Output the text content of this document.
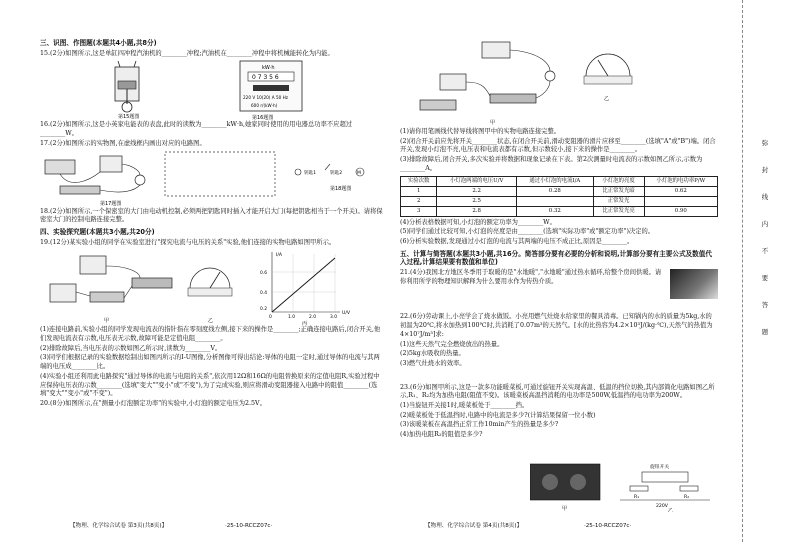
三、识图、作图题(本题共4小题,共8分)
15.(2分)如图所示,这是单缸四冲程汽油机的________冲程;汽油机在________冲程中将机械能转化为内能。
第15题图
kW·h
0 7 3 5 6
220 V 10(20) A 50 Hz
600 r/(kW·h)
第16题图
16.(2分)如图所示,这是小英家电能表的表盘,此时的读数为________kW·h,她家同时使用的用电器总功率不应超过________W。
17.(2分)如图所示的实物图,在虚线框内画出对应的电路图。
第17题图
钥匙1	钥匙2	M
第18题图
18.(2分)如图所示,一个保密室的大门由电动机控制,必须两把钥匙同时插入才能开启大门(每把钥匙相当于一个开关)。请将保密室大门的控制电路连接完整。
四、实验探究题(本题共3小题,共20分)
19.(12分)某实验小组的同学在实验室进行"探究电流与电压的关系"实验,他们连接的实物电路如图甲所示。
甲	乙
I/A
U/V
0.6
0.4
0.2
0	1.0	2.0	3.0
丙
(1)连接电路前,实验小组的同学发现电流表的指针指在零刻度线左侧,接下来的操作是________;正确连接电路后,闭合开关,他们发现电流表有示数,电压表无示数,故障可能是定值电阻________。
(2)排除故障后,当电压表的示数如图乙所示时,读数为________V。
(3)同学们根据记录的实验数据绘制出如图丙所示的I-U图像,分析图像可得出结论:导体的电阻一定时,通过导体的电流与其两端的电压成________比。
(4)实验小组还利用此电路探究"通过导体的电流与电阻的关系",依次用12Ω和16Ω的电阻替换原来的定值电阻R,实验过程中应保持电压表的示数________(选填"变大""变小"或"不变"),为了完成实验,则应将滑动变阻器接入电路中的阻值________(选填"变大""变小"或"不变")。
20.(8分)如图所示,在"测量小灯泡额定功率"的实验中,小灯泡的额定电压为2.5V。
【物理、化学综合试卷 第3页(共8页)】	·25-10-RCCZ07c·
甲
乙
(1)请你用笔画线代替导线将图甲中的实物电路连接完整。
(2)闭合开关前应先将开关________状态,在闭合开关前,滑动变阻器的滑片应移至________(选填"A"或"B")端。闭合开关,发现小灯泡不亮,电压表和电流表都有示数,但示数较小,接下来的操作是________。
(3)排除故障后,闭合开关,多次实验并将数据和现象记录在下表。第2次测量时电流表的示数如图乙所示,示数为________A。
实验次数	小灯泡两端的电压U/V	通过小灯泡的电流I/A	小灯泡的亮度	小灯泡的电功率P/W
1	2.2	0.28	比正常发光暗	0.62
2	2.5		正常发光	
3	2.8	0.32	比正常发光亮	0.90
(4)分析表格数据可知,小灯泡的额定功率为________W。
(5)同学们通过比较可知,小灯泡的亮度是由________(选填"实际功率"或"额定功率")决定的。
(6)分析实验数据,发现通过小灯泡的电流与其两端的电压不成正比,原因是________。
五、计算与简答题(本题共3小题,共16分。简答部分要有必要的分析和说明,计算部分要有主要公式及数值代入过程,计算结果要有数值和单位)
21.(4分)我国北方地区冬季用于取暖的是"水地暖","水地暖"通过热水循环,给整个房间供暖。请你利用所学的物理知识解释为什么要用水作为传热介质。
22.(6分)劳动课上,小亮学会了烧水做饭。小亮用燃气灶烧水给家里的餐具消毒。已知锅内的水的质量为5kg,水的初温为20℃,将水加热到100℃时,共消耗了0.07m³的天然气。[水的比热容为4.2×10³J/(kg·℃),天然气的热值为4×10⁷J/m³]求:
(1)这些天然气完全燃烧放出的热量。
(2)5kg水吸收的热量。
(3)燃气灶烧水的效率。
23.(6分)如图甲所示,这是一款多功能暖菜板,可通过旋钮开关实现高温、低温的挡位切换,其内部简化电路如图乙所示,R₁、R₂均为加热电阻(阻值不变)。该暖菜板高温挡消耗的电功率是500W,低温挡的电功率为200W。
(1)当旋钮开关接1时,暖菜板处于________挡。
(2)暖菜板处于低温挡时,电路中的电流是多少?(计算结果保留一位小数)
(3)该暖菜板在高温挡正常工作10min产生的热量是多少?
(4)加热电阻R₂的阻值是多少?
甲
旋钮开关
R₁	R₂
220V
乙
【物理、化学综合试卷 第4页(共8页)】	·25-10-RCCZ07c·
弥
封
线
内
不
要
答
题
